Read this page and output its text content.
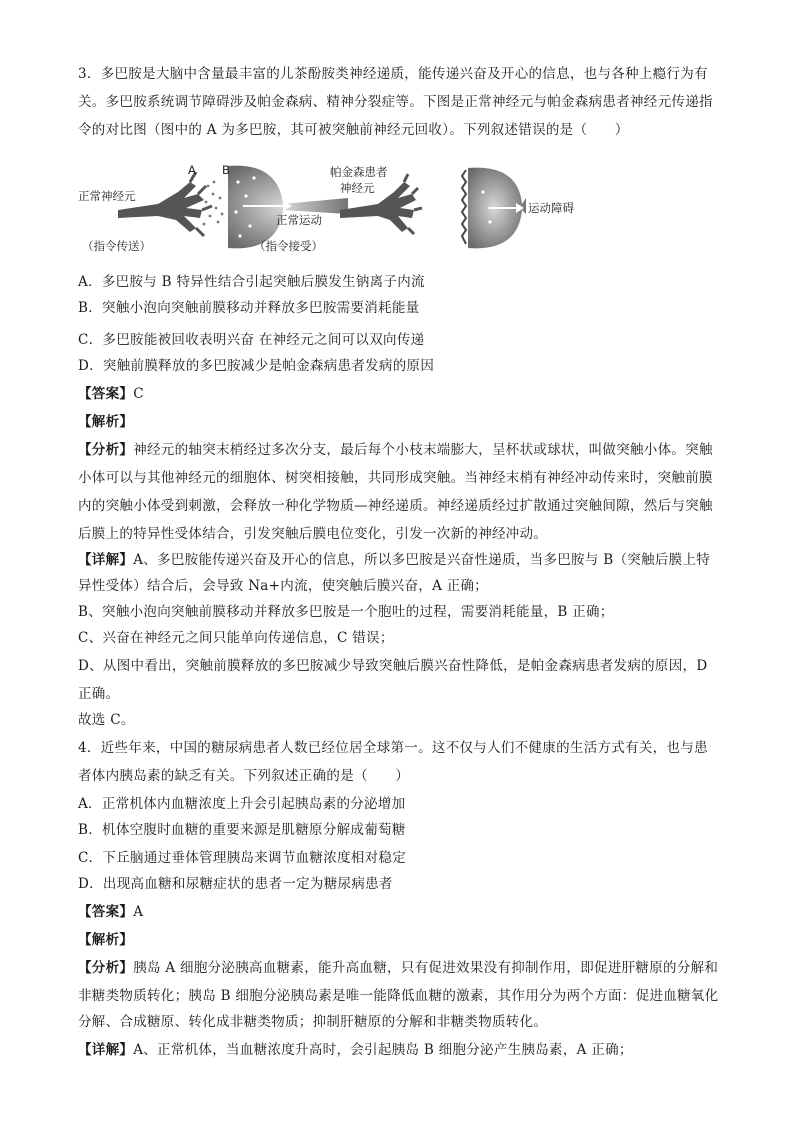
3．多巴胺是大脑中含量最丰富的儿茶酚胺类神经递质，能传递兴奋及开心的信息，也与各种上瘾行为有
关。多巴胺系统调节障碍涉及帕金森病、精神分裂症等。下图是正常神经元与帕金森病患者神经元传递指
令的对比图（图中的 A 为多巴胺，其可被突触前神经元回收）。下列叙述错误的是（　　）
A B
正常神经元
（指令传送）
正常运动
（指令接受）
帕金森患者
神经元
运动障碍
A．多巴胺与 B 特异性结合引起突触后膜发生钠离子内流
B．突触小泡向突触前膜移动并释放多巴胺需要消耗能量
C．多巴胺能被回收表明兴奋 在神经元之间可以双向传递
D．突触前膜释放的多巴胺减少是帕金森病患者发病的原因
【答案】C
【解析】
【分析】神经元的轴突末梢经过多次分支，最后每个小枝末端膨大，呈杯状或球状，叫做突触小体。突触
小体可以与其他神经元的细胞体、树突相接触，共同形成突触。当神经末梢有神经冲动传来时，突触前膜
内的突触小体受到刺激，会释放一种化学物质—神经递质。神经递质经过扩散通过突触间隙，然后与突触
后膜上的特异性受体结合，引发突触后膜电位变化，引发一次新的神经冲动。
【详解】A、多巴胺能传递兴奋及开心的信息，所以多巴胺是兴奋性递质，当多巴胺与 B（突触后膜上特
异性受体）结合后，会导致 Na+内流，使突触后膜兴奋，A 正确；
B、突触小泡向突触前膜移动并释放多巴胺是一个胞吐的过程，需要消耗能量，B 正确；
C、兴奋在神经元之间只能单向传递信息，C 错误；
D、从图中看出，突触前膜释放的多巴胺减少导致突触后膜兴奋性降低，是帕金森病患者发病的原因，D
正确。
故选 C。
4．近些年来，中国的糖尿病患者人数已经位居全球第一。这不仅与人们不健康的生活方式有关，也与患
者体内胰岛素的缺乏有关。下列叙述正确的是（　　）
A．正常机体内血糖浓度上升会引起胰岛素的分泌增加
B．机体空腹时血糖的重要来源是肌糖原分解成葡萄糖
C．下丘脑通过垂体管理胰岛来调节血糖浓度相对稳定
D．出现高血糖和尿糖症状的患者一定为糖尿病患者
【答案】A
【解析】
【分析】胰岛 A 细胞分泌胰高血糖素，能升高血糖，只有促进效果没有抑制作用，即促进肝糖原的分解和
非糖类物质转化；胰岛 B 细胞分泌胰岛素是唯一能降低血糖的激素，其作用分为两个方面：促进血糖氧化
分解、合成糖原、转化成非糖类物质；抑制肝糖原的分解和非糖类物质转化。
【详解】A、正常机体，当血糖浓度升高时，会引起胰岛 B 细胞分泌产生胰岛素，A 正确；
